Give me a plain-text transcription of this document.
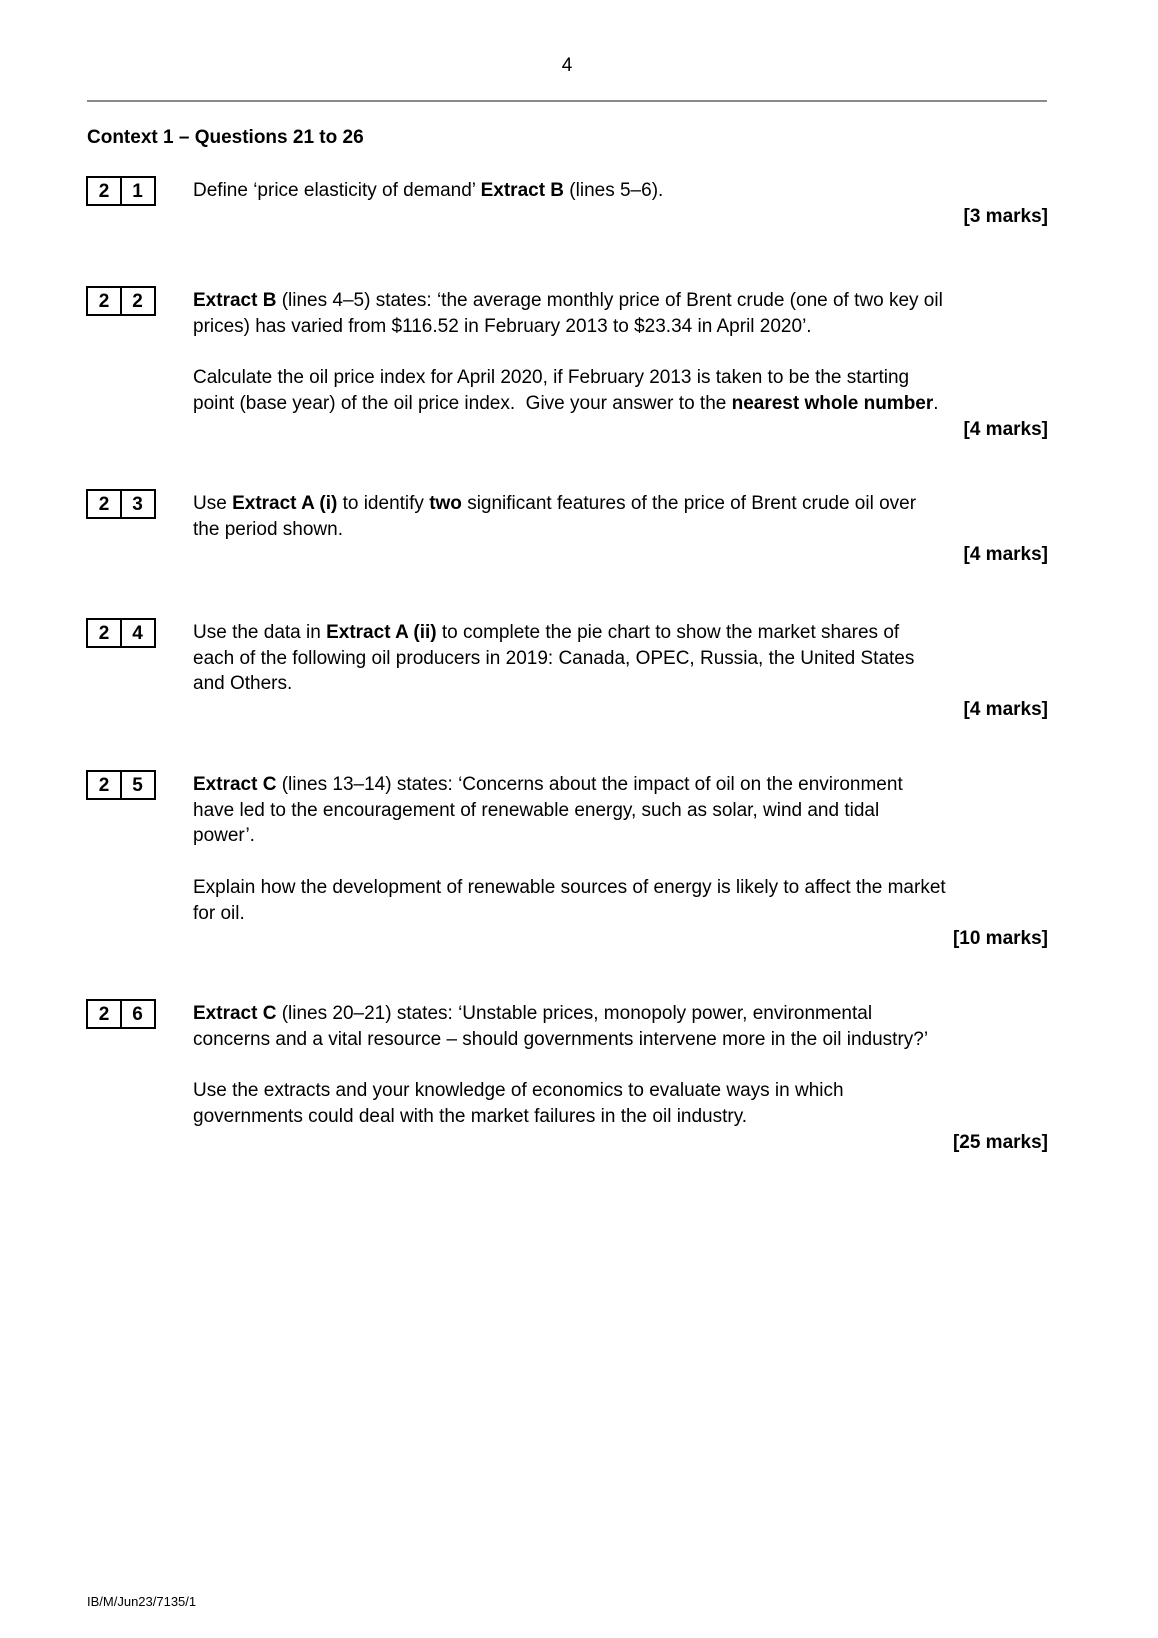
4
Context 1 – Questions 21 to 26
2	1	Define ‘price elasticity of demand’ Extract B (lines 5–6).
[3 marks]
2	2	Extract B (lines 4–5) states: ‘the average monthly price of Brent crude (one of two key oil
prices) has varied from $116.52 in February 2013 to $23.34 in April 2020’.
Calculate the oil price index for April 2020, if February 2013 is taken to be the starting
point (base year) of the oil price index.  Give your answer to the nearest whole number.
[4 marks]
2	3	Use Extract A (i) to identify two significant features of the price of Brent crude oil over
the period shown.
[4 marks]
2	4	Use the data in Extract A (ii) to complete the pie chart to show the market shares of
each of the following oil producers in 2019: Canada, OPEC, Russia, the United States
and Others.
[4 marks]
2	5	Extract C (lines 13–14) states: ‘Concerns about the impact of oil on the environment
have led to the encouragement of renewable energy, such as solar, wind and tidal
power’.
Explain how the development of renewable sources of energy is likely to affect the market
for oil.
[10 marks]
2	6	Extract C (lines 20–21) states: ‘Unstable prices, monopoly power, environmental
concerns and a vital resource – should governments intervene more in the oil industry?’
Use the extracts and your knowledge of economics to evaluate ways in which
governments could deal with the market failures in the oil industry.
[25 marks]
IB/M/Jun23/7135/1
